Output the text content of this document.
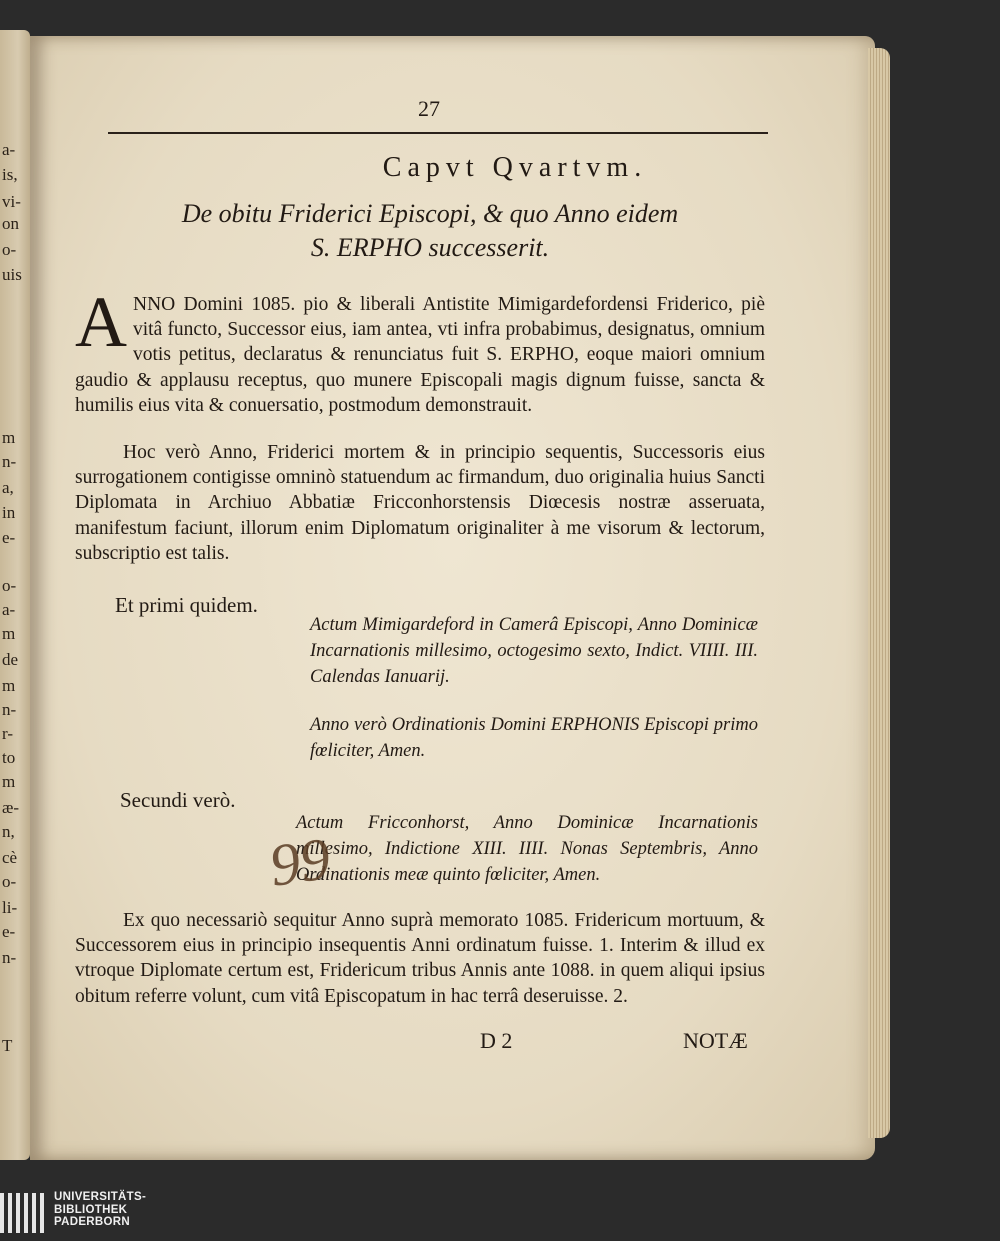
a-
is,
vi-
on
o-
uis
m
n-
a,
in
e-
o-
a-
m
de
m
n-
r-
to
m
æ-
n,
cè
o-
li-
e-
n-
T
27
Capvt Qvartvm.
De obitu Friderici Episcopi, & quo Anno eidem
S. ERPHO successerit.
A NNO Domini 1085. pio & liberali Antistite Mimigardefordensi Friderico, piè vitâ functo, Successor eius, iam antea, vti infra probabimus, designatus, omnium votis petitus, declaratus & renunciatus fuit S. ERPHO, eoque maiori omnium gaudio & applausu receptus, quo munere Episcopali magis dignum fuisse, sancta & humilis eius vita & conuersatio, postmodum demonstrauit.
Hoc verò Anno, Friderici mortem & in principio sequentis, Successoris eius surrogationem contigisse omninò statuendum ac firmandum, duo originalia huius Sancti Diplomata in Archiuo Abbatiæ Fricconhorstensis Diœcesis nostræ asseruata, manifestum faciunt, illorum enim Diplomatum originaliter à me visorum & lectorum, subscriptio est talis.
Et primi quidem.
Actum Mimigardeford in Camerâ Episcopi, Anno Dominicæ Incarnationis millesimo, octogesimo sexto, Indict. VIIII. III. Calendas Ianuarij.
Anno verò Ordinationis Domini ERPHONIS Episcopi primo fœliciter, Amen.
Secundi verò.
Actum Fricconhorst, Anno Dominicæ Incarnationis millesimo, Indictione XIII. IIII. Nonas Septembris, Anno Ordinationis meæ quinto fœliciter, Amen.
99
Ex quo necessariò sequitur Anno suprà memorato 1085. Fridericum mortuum, & Successorem eius in principio insequentis Anni ordinatum fuisse. 1. Interim & illud ex vtroque Diplomate certum est, Fridericum tribus Annis ante 1088. in quem aliqui ipsius obitum referre volunt, cum vitâ Episcopatum in hac terrâ deseruisse. 2.
D 2	NOTÆ
UNIVERSITÄTS-
BIBLIOTHEK
PADERBORN
